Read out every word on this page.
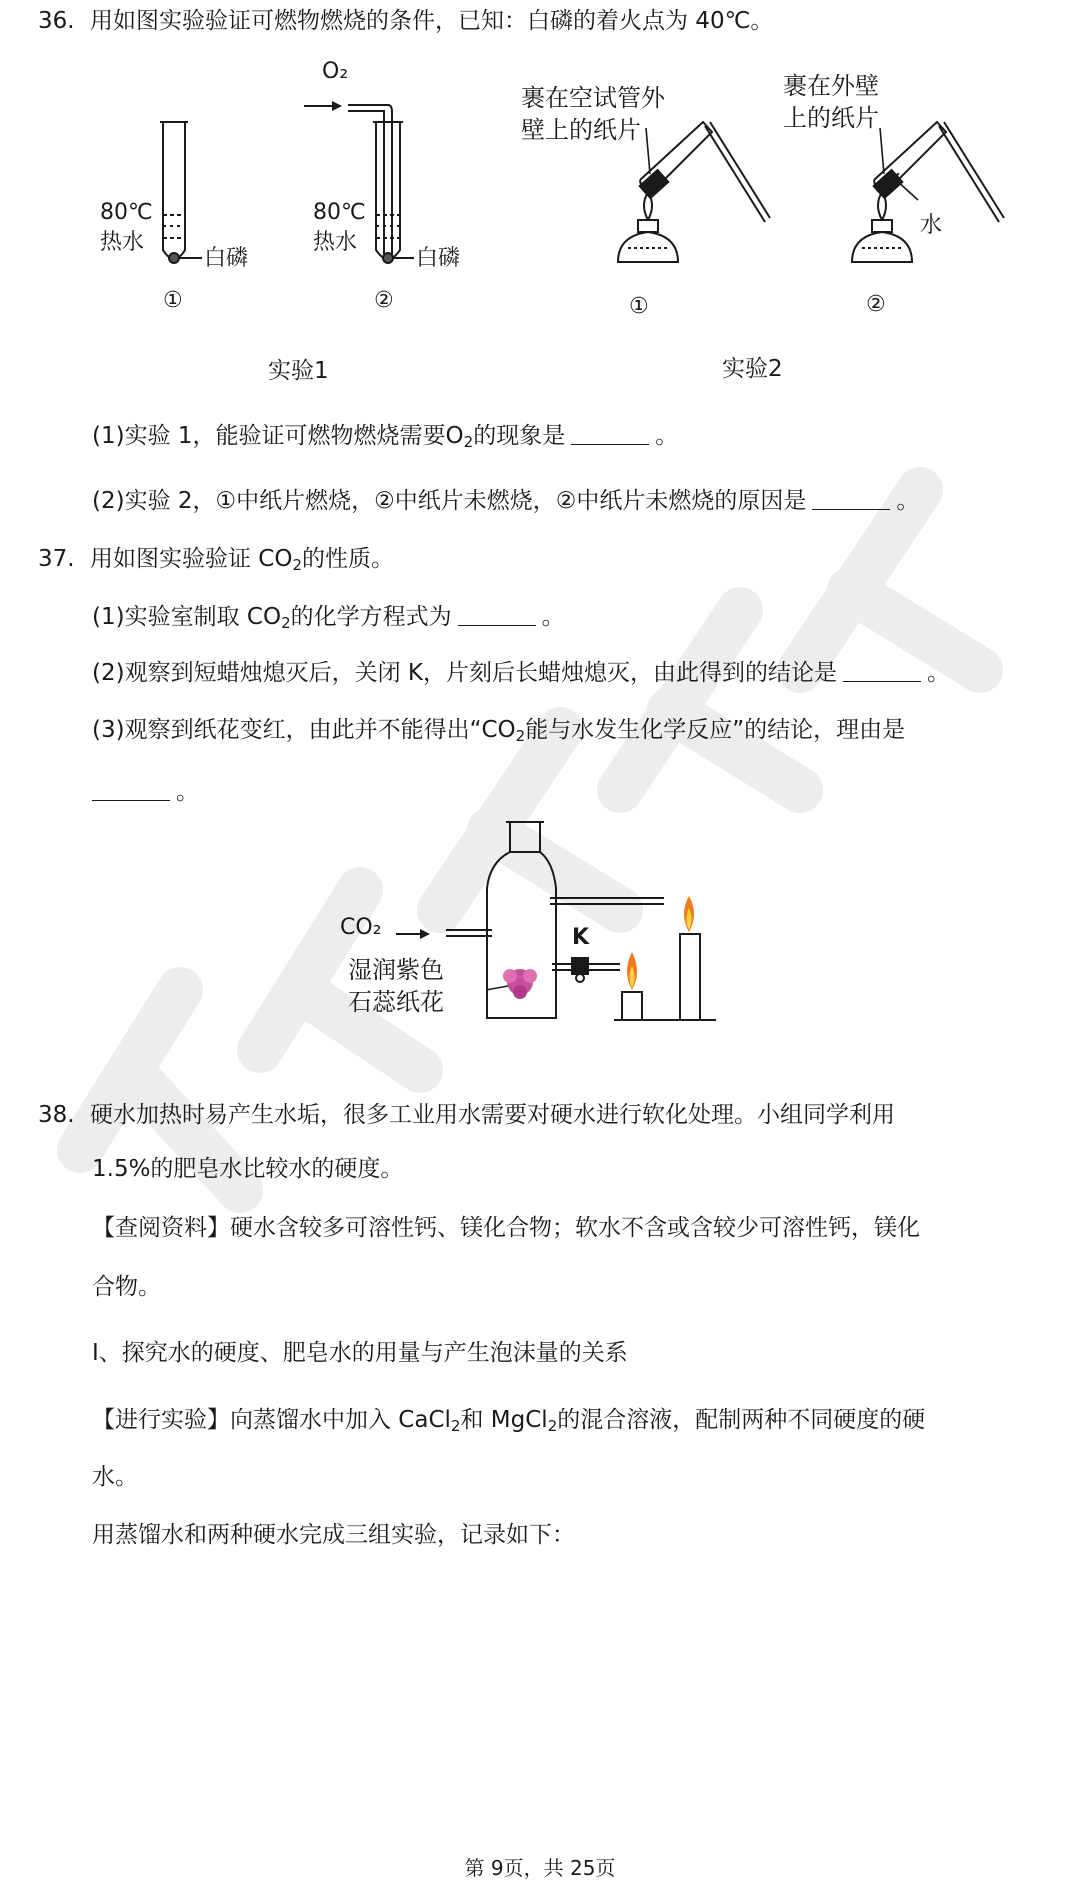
36. 用如图实验验证可燃物燃烧的条件，已知：白磷的着火点为 40℃。
O₂
80℃
热水
白磷
①
80℃
热水
白磷
②
实验1
裹在空试管外
壁上的纸片
裹在外壁
上的纸片
水
①	②
实验2
(1)实验 1，能验证可燃物燃烧需要$O_2$的现象是	。
(2)实验 2，①中纸片燃烧，②中纸片未燃烧，②中纸片未燃烧的原因是	。
37. 用如图实验验证 $CO_2$的性质。
(1)实验室制取 $CO_2$的化学方程式为	。
(2)观察到短蜡烛熄灭后，关闭 K，片刻后长蜡烛熄灭，由此得到的结论是	。
(3)观察到纸花变红，由此并不能得出“$CO_2$能与水发生化学反应”的结论，理由是
。
CO₂	K
湿润紫色
石蕊纸花
38. 硬水加热时易产生水垢，很多工业用水需要对硬水进行软化处理。小组同学利用
1.5%的肥皂水比较水的硬度。
【查阅资料】硬水含较多可溶性钙、镁化合物；软水不含或含较少可溶性钙，镁化
合物。
Ⅰ、探究水的硬度、肥皂水的用量与产生泡沫量的关系
【进行实验】向蒸馏水中加入 CaCl$_2$和 MgCl$_2$的混合溶液，配制两种不同硬度的硬
水。
用蒸馏水和两种硬水完成三组实验，记录如下：
第 9页，共 25页
